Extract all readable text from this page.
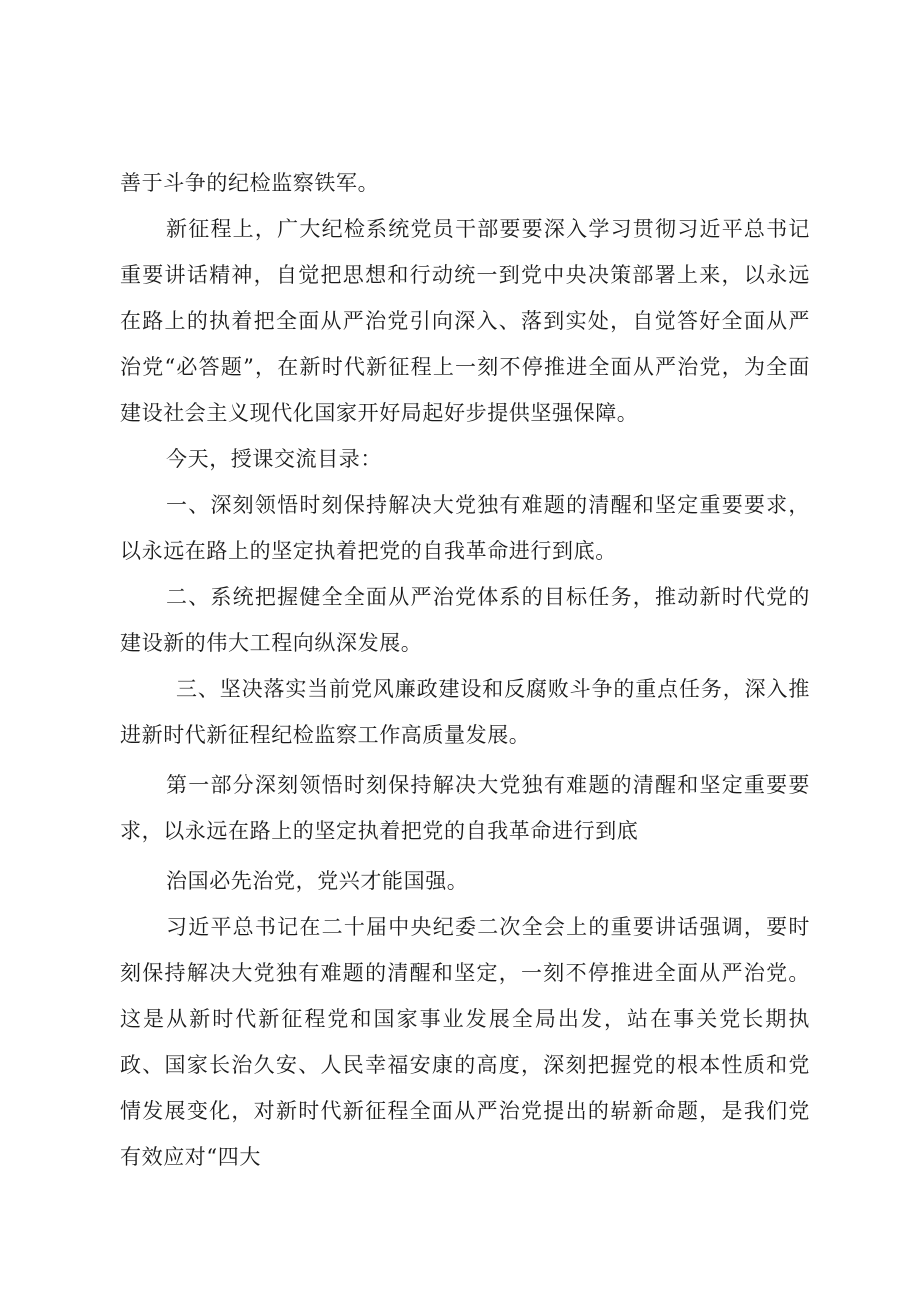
善于斗争的纪检监察铁军。

新征程上，广大纪检系统党员干部要要深入学习贯彻习近平总书记重要讲话精神，自觉把思想和行动统一到党中央决策部署上来，以永远在路上的执着把全面从严治党引向深入、落到实处，自觉答好全面从严治党“必答题”，在新时代新征程上一刻不停推进全面从严治党，为全面建设社会主义现代化国家开好局起好步提供坚强保障。

今天，授课交流目录：

一、深刻领悟时刻保持解决大党独有难题的清醒和坚定重要要求，以永远在路上的坚定执着把党的自我革命进行到底。

二、系统把握健全全面从严治党体系的目标任务，推动新时代党的建设新的伟大工程向纵深发展。

三、坚决落实当前党风廉政建设和反腐败斗争的重点任务，深入推进新时代新征程纪检监察工作高质量发展。

第一部分深刻领悟时刻保持解决大党独有难题的清醒和坚定重要要求，以永远在路上的坚定执着把党的自我革命进行到底

治国必先治党，党兴才能国强。

习近平总书记在二十届中央纪委二次全会上的重要讲话强调，要时刻保持解决大党独有难题的清醒和坚定，一刻不停推进全面从严治党。这是从新时代新征程党和国家事业发展全局出发，站在事关党长期执政、国家长治久安、人民幸福安康的高度，深刻把握党的根本性质和党情发展变化，对新时代新征程全面从严治党提出的崭新命题，是我们党有效应对“四大
